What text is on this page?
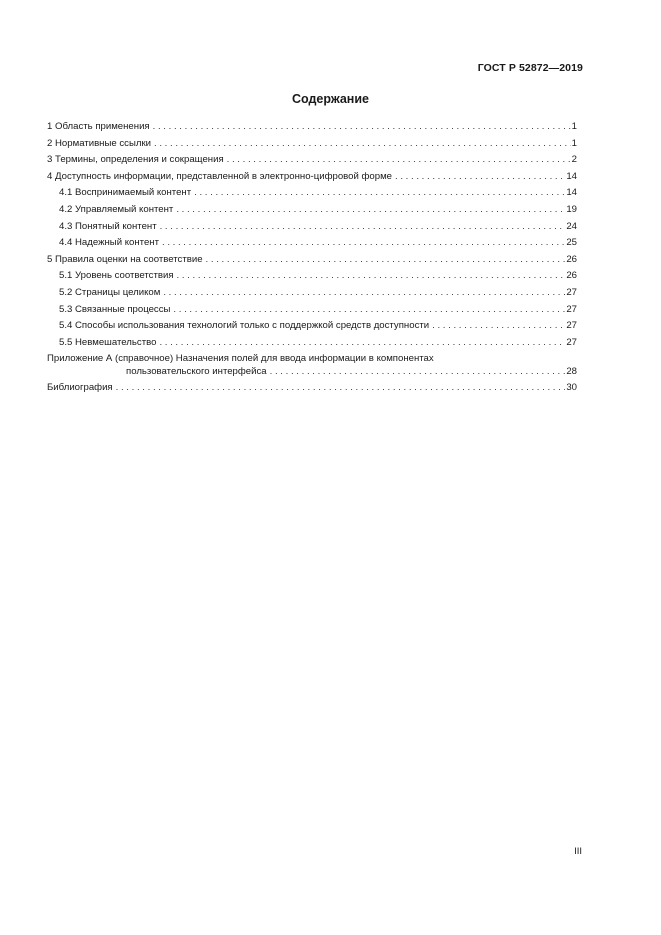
ГОСТ Р 52872—2019
Содержание
1 Область применения . . .	1
2 Нормативные ссылки . . .	1
3 Термины, определения и сокращения . . .	2
4 Доступность информации, представленной в электронно-цифровой форме . . .	14
4.1 Воспринимаемый контент . . .	14
4.2 Управляемый контент . . .	19
4.3 Понятный контент . . .	24
4.4 Надежный контент . . .	25
5 Правила оценки на соответствие . . .	26
5.1 Уровень соответствия . . .	26
5.2 Страницы целиком . . .	27
5.3 Связанные процессы . . .	27
5.4 Способы использования технологий только с поддержкой средств доступности . . .	27
5.5 Невмешательство . . .	27
Приложение А (справочное) Назначения полей для ввода информации в компонентах
пользовательского интерфейса . . .	28
Библиография . . .	30
III
